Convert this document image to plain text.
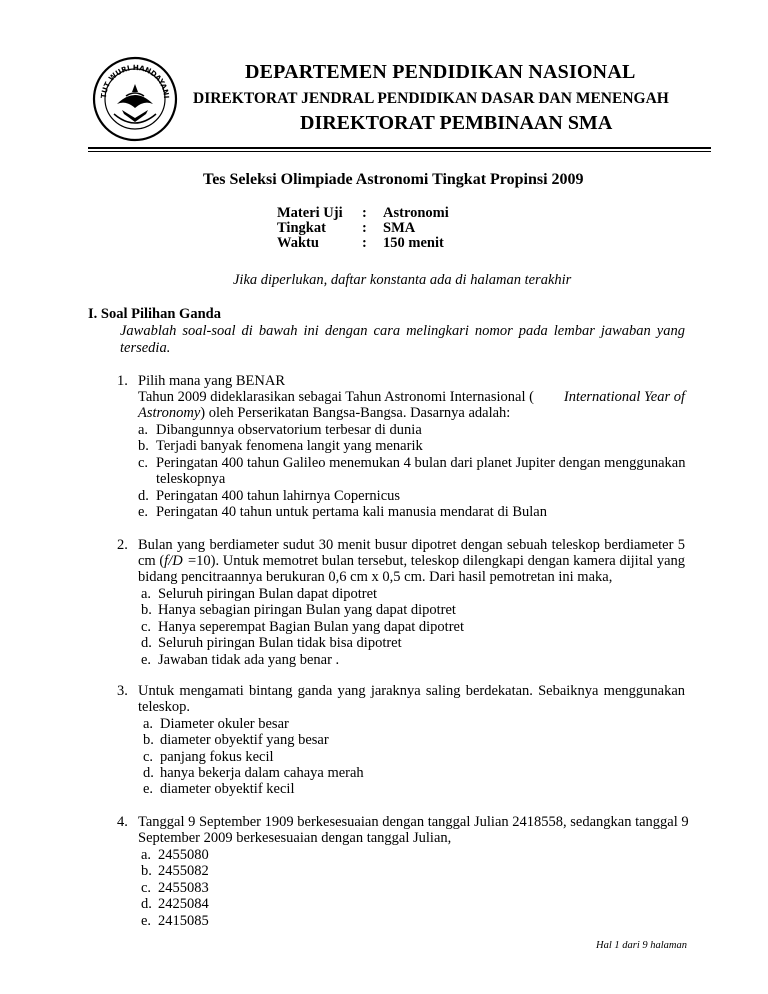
TUT WURI HANDAYANI
DEPARTEMEN PENDIDIKAN NASIONAL
DIREKTORAT JENDRAL PENDIDIKAN DASAR DAN MENENGAH
DIREKTORAT PEMBINAAN SMA
Tes Seleksi Olimpiade Astronomi Tingkat Propinsi 2009
Materi Uji : Astronomi
Tingkat : SMA
Waktu	: 150 menit
Jika diperlukan, daftar konstanta ada di halaman terakhir
I. Soal Pilihan Ganda
Jawablah soal-soal di bawah ini dengan cara melingkari nomor pada lembar jawaban yang
tersedia.
1. Pilih mana yang BENAR
Tahun 2009 dideklarasikan sebagai Tahun Astronomi Internasional ( International Year of
Astronomy) oleh Perserikatan Bangsa-Bangsa. Dasarnya adalah:
a. Dibangunnya observatorium terbesar di dunia
b. Terjadi banyak fenomena langit yang menarik
c. Peringatan 400 tahun Galileo menemukan 4 bulan dari planet Jupiter dengan menggunakan
teleskopnya
d. Peringatan 400 tahun lahirnya Copernicus
e. Peringatan 40 tahun untuk pertama kali manusia mendarat di Bulan
2. Bulan yang berdiameter sudut 30 menit busur dipotret dengan sebuah teleskop berdiameter 5
cm (f/D =10). Untuk memotret bulan tersebut, teleskop dilengkapi dengan kamera dijital yang
bidang pencitraannya berukuran 0,6 cm x 0,5 cm. Dari hasil pemotretan ini maka,
a. Seluruh piringan Bulan dapat dipotret
b. Hanya sebagian piringan Bulan yang dapat dipotret
c. Hanya seperempat Bagian Bulan yang dapat dipotret
d. Seluruh piringan Bulan tidak bisa dipotret
e. Jawaban tidak ada yang benar .
3. Untuk mengamati bintang ganda yang jaraknya saling berdekatan. Sebaiknya menggunakan
teleskop.
a. Diameter okuler besar
b. diameter obyektif yang besar
c. panjang fokus kecil
d. hanya bekerja dalam cahaya merah
e. diameter obyektif kecil
4. Tanggal 9 September 1909 berkesesuaian dengan tanggal Julian 2418558, sedangkan tanggal 9
September 2009 berkesesuaian dengan tanggal Julian,
a. 2455080
b. 2455082
c. 2455083
d. 2425084
e. 2415085
Hal 1 dari 9 halaman
